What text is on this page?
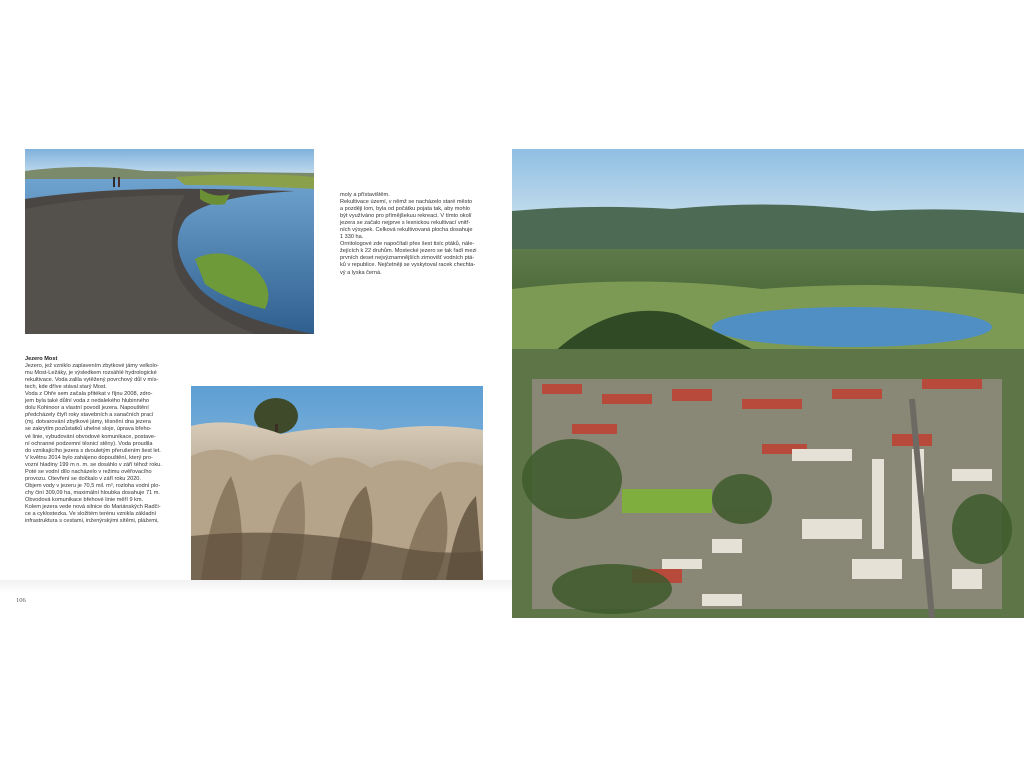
moly a přístavištěm.

Rekultivace území, v němž se nacházelo staré město

a později lom, byla od počátku pojata tak, aby mohlo

být využíváno pro přímějšekuu rekreaci. V tímto okolí

jezera se začalo nejprve s lesnickou rekultivací vnitř-

ních výsypek. Celková rekultivovaná plocha dosahuje

1 330 ha.

Ornitologové zde napočítali přes šest tisíc ptáků, nále-

žejících k 22 druhům. Mostecké jezero se tak řadí mezi

prvních deset nejvýznamnějších zimovišť vodních ptá-

ků v republice. Nejčetněji se vyskytoval racek chechta-

vý a lyska černá.

Jezero Most

Jezero, jež vzniklo zaplavením zbytkové jámy velkolo-

mu Most-Ležáky, je výsledkem rozsáhlé hydrologické

rekultivace. Voda zalila vytěžený povrchový důl v mís-

tech, kde dříve stával starý Most.

Voda z Ohře sem začala přitékat v říjnu 2008, zdro-

jem byla také důlní voda z nedalekého hlubinného

dolu Kohinoor a vlastní povodí jezera. Napouštění

předcházely čtyři roky stavebních a sanačních prací

(mj. dotvarování zbytkové jámy, těsnění dna jezera

se zakrytím pozůstatků uhelné sloje, úprava břeho-

vé linie, vybudování obvodové komunikace, postave-

ní ochranné podzemní těsnicí stěny). Voda proudila

do vznikajícího jezera s dvouletým přerušením šest let.

V květnu 2014 bylo zahájeno dopouštění, který pro-

vozní hladiny 199 m n. m. se dosáhlo v září téhož roku.

Poté se vodní dílo nacházelo v režimu ověřovacího

provozu. Otevření se dočkalo v září roku 2020.

Objem vody v jezeru je 70,5 mil. m³, rozloha vodní plo-

chy činí 309,09 ha, maximální hloubka dosahuje 71 m.

Obvodová komunikace břehové linie měří 9 km.

Kolem jezera vede nová silnice do Mariánských Radči-

ce a cyklostezka. Ve složitém terénu vznikla základní

infrastruktura s cestami, inženýrskými sítěmi, plážemi,

106
